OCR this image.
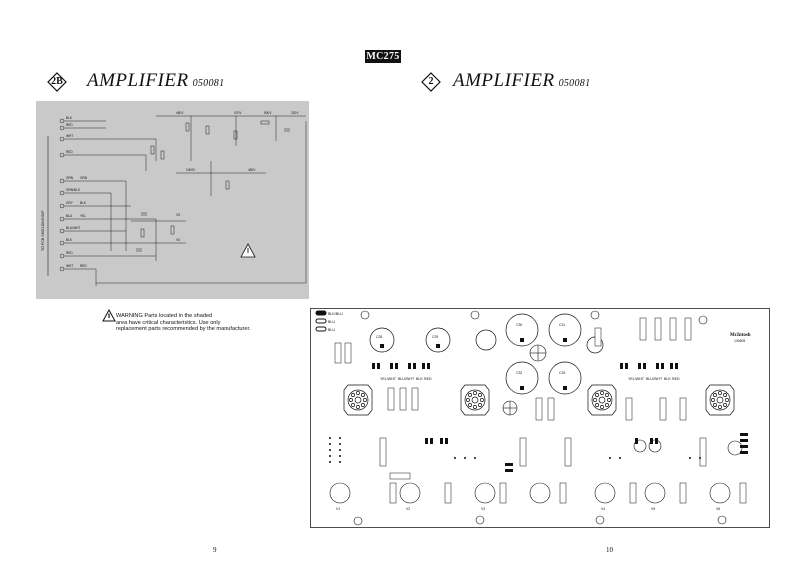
MC275
2B AMPLIFIER 050081	2	AMPLIFIER 050081
TO PCB SHIELDING/DIP
BLK
RED
WHT
RED
GRN
GRN/BLK
GRY
BLU
BLU/WHT
BLK
RED
WHT
GRN
BLK
YEL
RED
450V	470V	500V	220V
450V
1000V
V3
V4
WARNING Parts located in the shaded
area have critical characteristics. Use only
replacement parts recommended by the manufacturer.
BLK/BLU
BLU
BLU
YEL/WHT BLU/WHT BLK RED	YEL/WHT BLU/WHT BLK RED
McIntosh
140605
C28	C29
C30	C31
C32	C33
V1	V2	V3	V4	V5	V6
9	10
